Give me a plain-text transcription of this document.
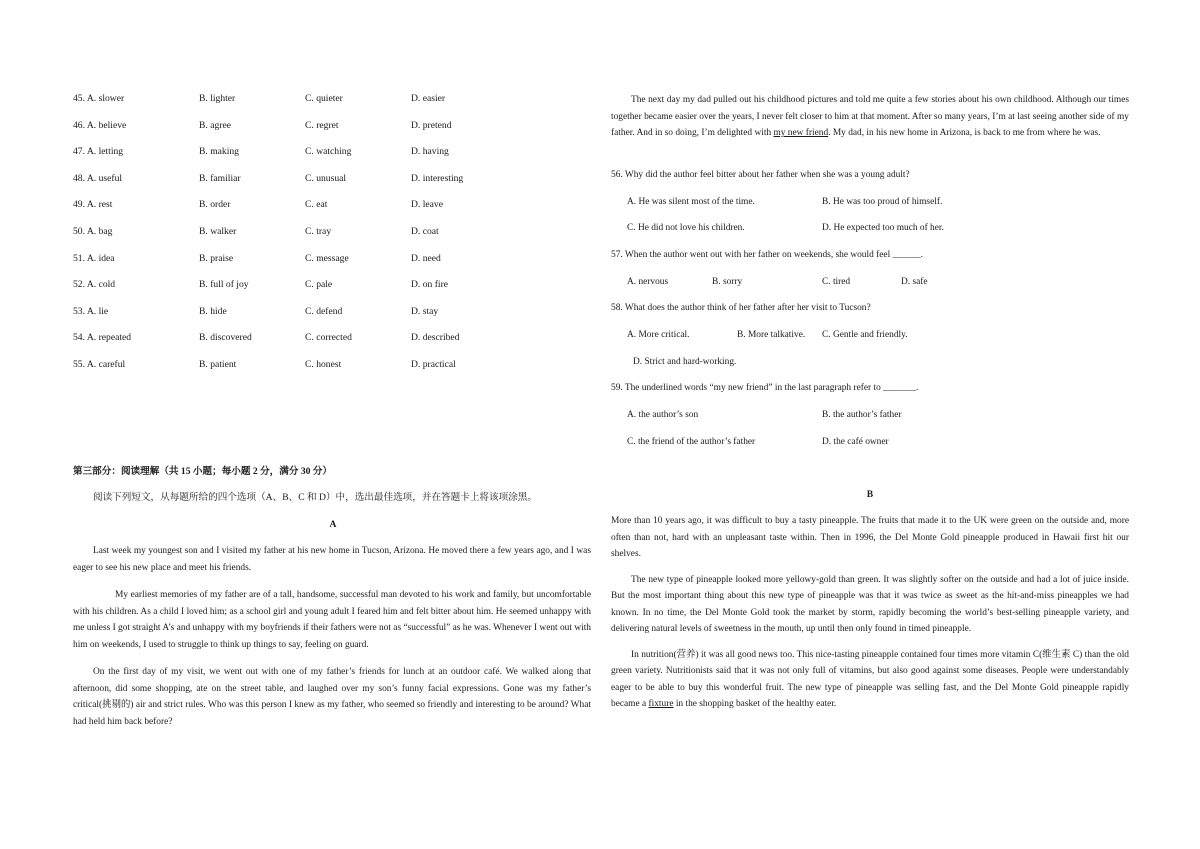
45. A. slower	B. lighter	C. quieter	D. easier
46. A. believe	B. agree	C. regret	D. pretend
47. A. letting	B. making	C. watching	D. having
48. A. useful	B. familiar	C. unusual	D. interesting
49. A. rest	B. order	C. eat	D. leave
50. A. bag	B. walker	C. tray	D. coat
51. A. idea	B. praise	C. message	D. need
52. A. cold	B. full of joy	C. pale	D. on fire
53. A. lie	B. hide	C. defend	D. stay
54. A. repeated	B. discovered	C. corrected	D. described
55. A. careful	B. patient	C. honest	D. practical
第三部分：阅读理解（共 15 小题；每小题 2 分，满分 30 分）
阅读下列短文，从每题所给的四个选项（A、B、C 和 D）中，选出最佳选项，并在答题卡上将该项涂黑。
A

Last week my youngest son and I visited my father at his new home in Tucson, Arizona. He moved there a few years ago, and I was eager to see his new place and meet his friends.

My earliest memories of my father are of a tall, handsome, successful man devoted to his work and family, but uncomfortable with his children. As a child I loved him; as a school girl and young adult I feared him and felt bitter about him. He seemed unhappy with me unless I got straight A’s and unhappy with my boyfriends if their fathers were not as “successful” as he was. Whenever I went out with him on weekends, I used to struggle to think up things to say, feeling on guard.

On the first day of my visit, we went out with one of my father’s friends for lunch at an outdoor café. We walked along that afternoon, did some shopping, ate on the street table, and laughed over my son’s funny facial expressions. Gone was my father’s critical(挑剔的) air and strict rules. Who was this person I knew as my father, who seemed so friendly and interesting to be around? What had held him back before?

The next day my dad pulled out his childhood pictures and told me quite a few stories about his own childhood. Although our times together became easier over the years, I never felt closer to him at that moment. After so many years, I’m at last seeing another side of my father. And in so doing, I’m delighted with my new friend. My dad, in his new home in Arizona, is back to me from where he was.

56. Why did the author feel bitter about her father when she was a young adult?
A. He was silent most of the time.	B. He was too proud of himself.
C. He did not love his children.	D. He expected too much of her.
57. When the author went out with her father on weekends, she would feel ______.
A. nervous	B. sorry	C. tired	D. safe
58. What does the author think of her father after her visit to Tucson?
A. More critical.	B. More talkative. C. Gentle and friendly.
D. Strict and hard-working.
59. The underlined words “my new friend” in the last paragraph refer to _______.
A. the author’s son	B. the author’s father
C. the friend of the author’s father	D. the café owner
B

More than 10 years ago, it was difficult to buy a tasty pineapple. The fruits that made it to the UK were green on the outside and, more often than not, hard with an unpleasant taste within. Then in 1996, the Del Monte Gold pineapple produced in Hawaii first hit our shelves.

The new type of pineapple looked more yellowy-gold than green. It was slightly softer on the outside and had a lot of juice inside. But the most important thing about this new type of pineapple was that it was twice as sweet as the hit-and-miss pineapples we had known. In no time, the Del Monte Gold took the market by storm, rapidly becoming the world’s best-selling pineapple variety, and delivering natural levels of sweetness in the mouth, up until then only found in timed pineapple.

In nutrition(营养) it was all good news too. This nice-tasting pineapple contained four times more vitamin C(维生素 C) than the old green variety. Nutritionists said that it was not only full of vitamins, but also good against some diseases. People were understandably eager to be able to buy this wonderful fruit. The new type of pineapple was selling fast, and the Del Monte Gold pineapple rapidly became a fixture in the shopping basket of the healthy eater.
